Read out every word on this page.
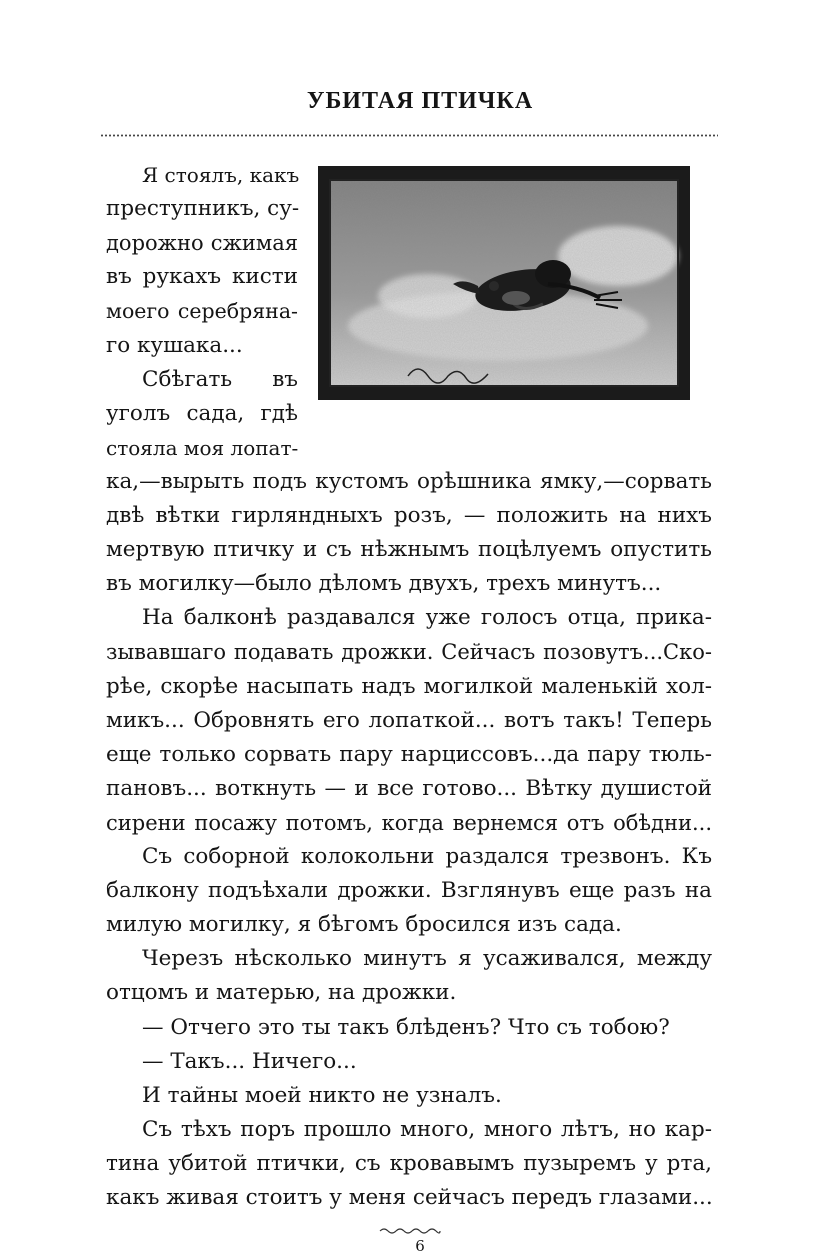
УБИТАЯ ПТИЧКА

Я стоялъ, какъ

преступникъ, су-

дорожно сжимая

въ рукахъ кисти

моего серебряна-

го кушака...

Сбѣгать въ

уголъ сада, гдѣ

стояла моя лопат-

ка,—вырыть подъ кустомъ орѣшника ямку,—сорвать

двѣ вѣтки гирляндныхъ розъ, — положить на нихъ

мертвую птичку и съ нѣжнымъ поцѣлуемъ опустить

въ могилку—было дѣломъ двухъ, трехъ минутъ...

На балконѣ раздавался уже голосъ отца, прика-

зывавшаго подавать дрожки. Сейчасъ позовутъ...Ско-

рѣе, скорѣе насыпать надъ могилкой маленькій хол-

микъ... Обровнять его лопаткой... вотъ такъ! Теперь

еще только сорвать пару нарциссовъ...да пару тюль-

пановъ... воткнуть — и все готово... Вѣтку душистой

сирени посажу потомъ, когда вернемся отъ обѣдни...

Съ соборной колокольни раздался трезвонъ. Къ

балкону подъѣхали дрожки. Взглянувъ еще разъ на

милую могилку, я бѣгомъ бросился изъ сада.

Черезъ нѣсколько минутъ я усаживался, между

отцомъ и матерью, на дрожки.

— Отчего это ты такъ блѣденъ? Что съ тобою?

— Такъ... Ничего...

И тайны моей никто не узналъ.

Съ тѣхъ поръ прошло много, много лѣтъ, но кар-

тина убитой птички, съ кровавымъ пузыремъ у рта,

6

какъ живая стоитъ у меня сейчасъ передъ глазами...
